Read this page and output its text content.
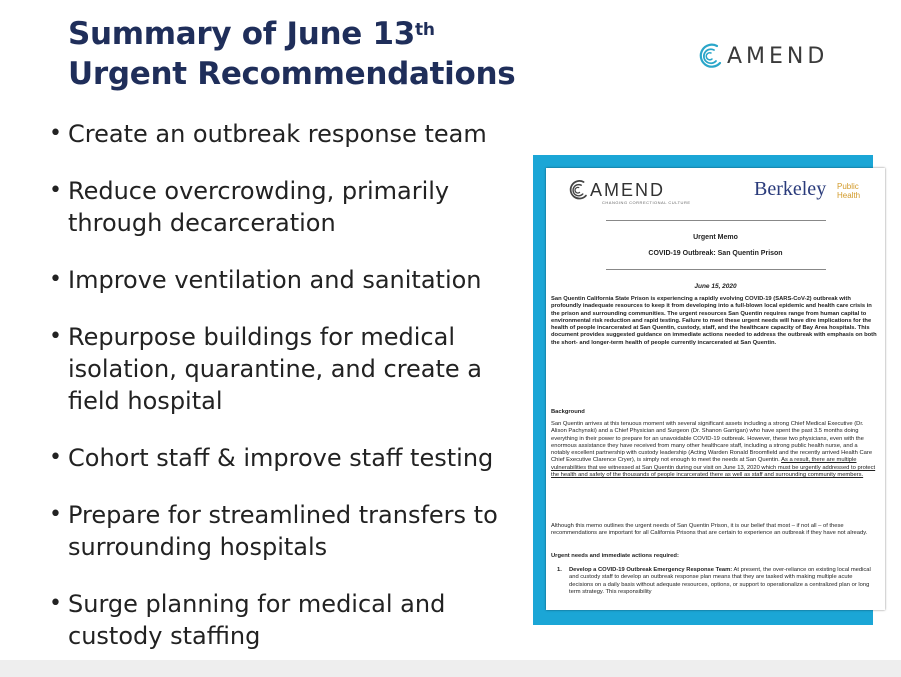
Summary of June 13th Urgent Recommendations	AMEND
• Create an outbreak response team
• Reduce overcrowding, primarily through decarceration
• Improve ventilation and sanitation
• Repurpose buildings for medical isolation, quarantine, and create a field hospital
• Cohort staff & improve staff testing
• Prepare for streamlined transfers to surrounding hospitals
• Surge planning for medical and custody staffing
AMEND
CHANGING CORRECTIONAL CULTURE
Berkeley Public
Health
Urgent Memo
COVID-19 Outbreak: San Quentin Prison
June 15, 2020
San Quentin California State Prison is experiencing a rapidly evolving COVID-19 (SARS-CoV-2) outbreak with profoundly inadequate resources to keep it from developing into a full-blown local epidemic and health care crisis in the prison and surrounding communities. The urgent resources San Quentin requires range from human capital to environmental risk reduction and rapid testing. Failure to meet these urgent needs will have dire implications for the health of people incarcerated at San Quentin, custody, staff, and the healthcare capacity of Bay Area hospitals. This document provides suggested guidance on immediate actions needed to address the outbreak with emphasis on both the short- and longer-term health of people currently incarcerated at San Quentin.
Background
San Quentin arrives at this tenuous moment with several significant assets including a strong Chief Medical Executive (Dr. Alison Pachynski) and a Chief Physician and Surgeon (Dr. Shanon Garrigan) who have spent the past 3.5 months doing everything in their power to prepare for an unavoidable COVID-19 outbreak. However, these two physicians, even with the enormous assistance they have received from many other healthcare staff, including a strong public health nurse, and a notably excellent partnership with custody leadership (Acting Warden Ronald Broomfield and the recently arrived Health Care Chief Executive Clarence Cryer), is simply not enough to meet the needs at San Quentin. As a result, there are multiple vulnerabilities that we witnessed at San Quentin during our visit on June 13, 2020 which must be urgently addressed to protect the health and safety of the thousands of people incarcerated there as well as staff and surrounding community members.
Although this memo outlines the urgent needs of San Quentin Prison, it is our belief that most – if not all – of these recommendations are important for all California Prisons that are certain to experience an outbreak if they have not already.
Urgent needs and immediate actions required:
1. Develop a COVID-19 Outbreak Emergency Response Team: At present, the over-reliance on existing local medical and custody staff to develop an outbreak response plan means that they are tasked with making multiple acute decisions on a daily basis without adequate resources, options, or support to operationalize a centralized plan or long term strategy. This responsibility
